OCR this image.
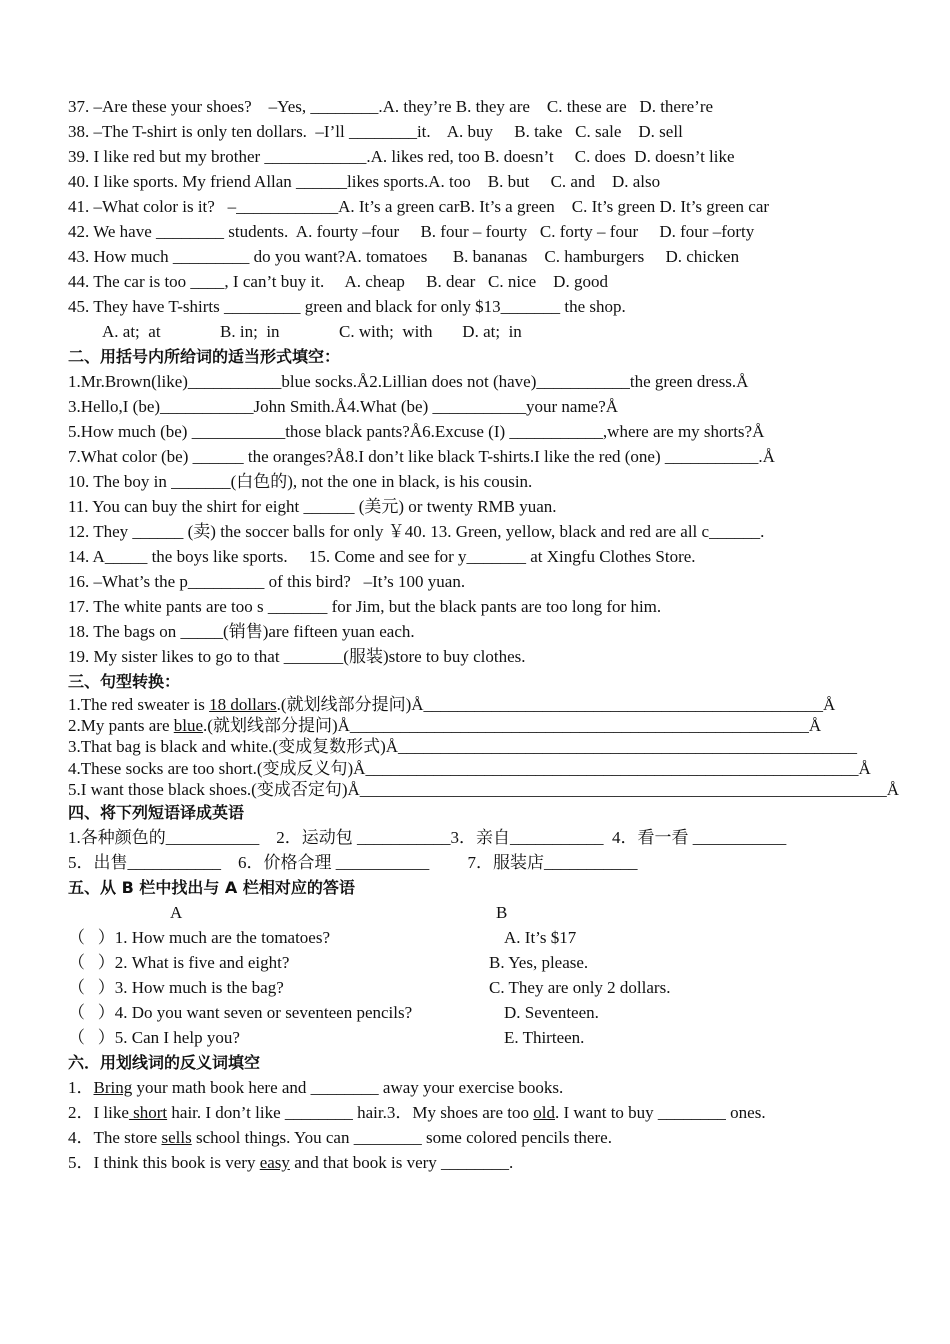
37. –Are these your shoes?    –Yes, ________.A. they’re B. they are    C. these are   D. there’re
38. –The T-shirt is only ten dollars.  –I’ll ________it.    A. buy     B. take   C. sale    D. sell
39. I like red but my brother ____________.A. likes red, too B. doesn’t     C. does  D. doesn’t like
40. I like sports. My friend Allan ______likes sports.A. too    B. but     C. and    D. also
41. –What color is it?   –____________A. It’s a green carB. It’s a green    C. It’s green D. It’s green car
42. We have ________ students.  A. fourty –four     B. four – fourty   C. forty – four     D. four –forty
43. How much _________ do you want?A. tomatoes      B. bananas    C. hamburgers     D. chicken
44. The car is too ____, I can’t buy it.     A. cheap     B. dear   C. nice    D. good
45. They have T-shirts _________ green and black for only $13_______ the shop.
A. at;  at              B. in;  in              C. with;  with       D. at;  in
二、用括号内所给词的适当形式填空：
1.Mr.Brown(like)___________blue socks.Å2.Lillian does not (have)___________the green dress.Å
3.Hello,I (be)___________John Smith.Å4.What (be) ___________your name?Å
5.How much (be) ___________those black pants?Å6.Excuse (I) ___________,where are my shorts?Å
7.What color (be) ______ the oranges?Å8.I don’t like black T-shirts.I like the red (one) ___________.Å
10. The boy in _______(白色的), not the one in black, is his cousin.
11. You can buy the shirt for eight ______ (美元) or twenty RMB yuan.
12. They ______ (卖) the soccer balls for only ￥40. 13. Green, yellow, black and red are all c______.
14. A_____ the boys like sports.     15. Come and see for y_______ at Xingfu Clothes Store.
16. –What’s the p_________ of this bird?   –It’s 100 yuan.
17. The white pants are too s _______ for Jim, but the black pants are too long for him.
18. The bags on _____(销售)are fifteen yuan each.
19. My sister likes to go to that _______(服装)store to buy clothes.
三、句型转换：
1.The red sweater is 18 dollars.(就划线部分提问)Å_______________________________________________Å
2.My pants are blue.(就划线部分提问)Å______________________________________________________Å
3.That bag is black and white.(变成复数形式)Å______________________________________________________
4.These socks are too short.(变成反义句)Å__________________________________________________________Å
5.I want those black shoes.(变成否定句)Å______________________________________________________________Å
四、将下列短语译成英语
1.各种颜色的___________    2．运动包 ___________3．亲自___________  4．看一看 ___________
5．出售___________    6．价格合理 ___________         7．服装店___________
五、从 B 栏中找出与 A 栏相对应的答语
A	B
（   ）1. How much are the tomatoes?	A. It’s $17
（   ）2. What is five and eight?	B. Yes, please.
（   ）3. How much is the bag?	C. They are only 2 dollars.
（   ）4. Do you want seven or seventeen pencils?	D. Seventeen.
（   ）5. Can I help you?	E. Thirteen.
六．用划线词的反义词填空
1．Bring your math book here and ________ away your exercise books.
2．I like short hair. I don’t like ________ hair.3．My shoes are too old. I want to buy ________ ones.
4．The store sells school things. You can ________ some colored pencils there.
5．I think this book is very easy and that book is very ________.
